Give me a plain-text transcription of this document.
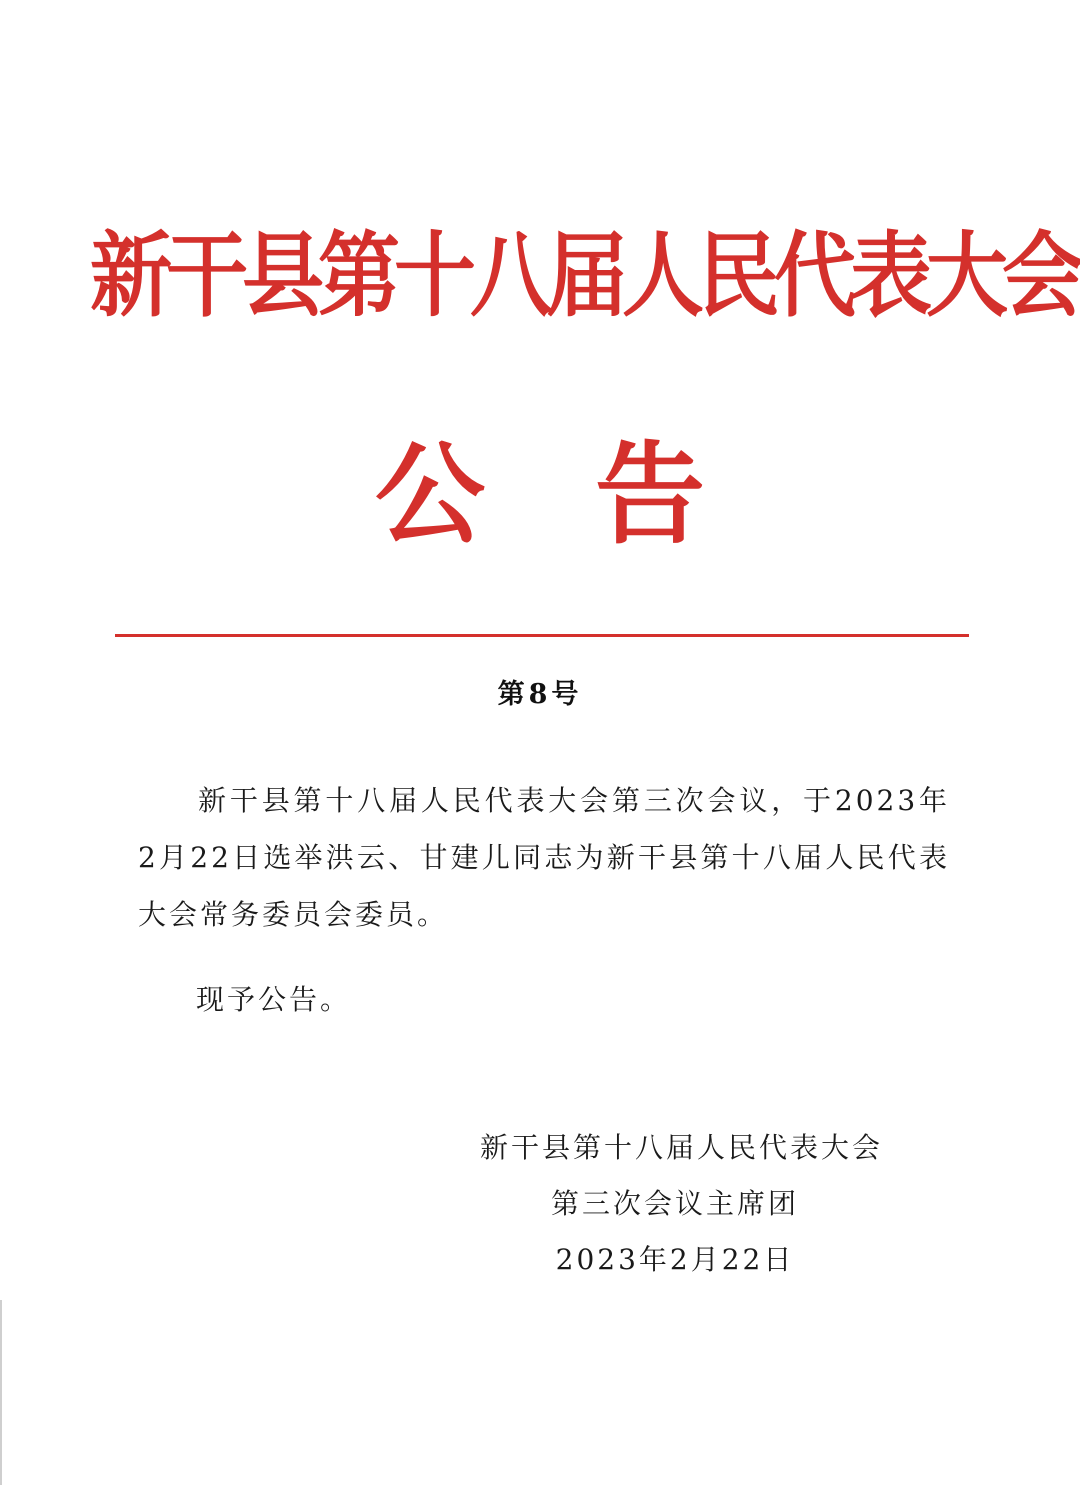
新干县第十八届人民代表大会
公 告
第8号
新干县第十八届人民代表大会第三次会议，于2023年2月22日选举洪云、甘建儿同志为新干县第十八届人民代表大会常务委员会委员。
现予公告。
新干县第十八届人民代表大会
第三次会议主席团
2023年2月22日
